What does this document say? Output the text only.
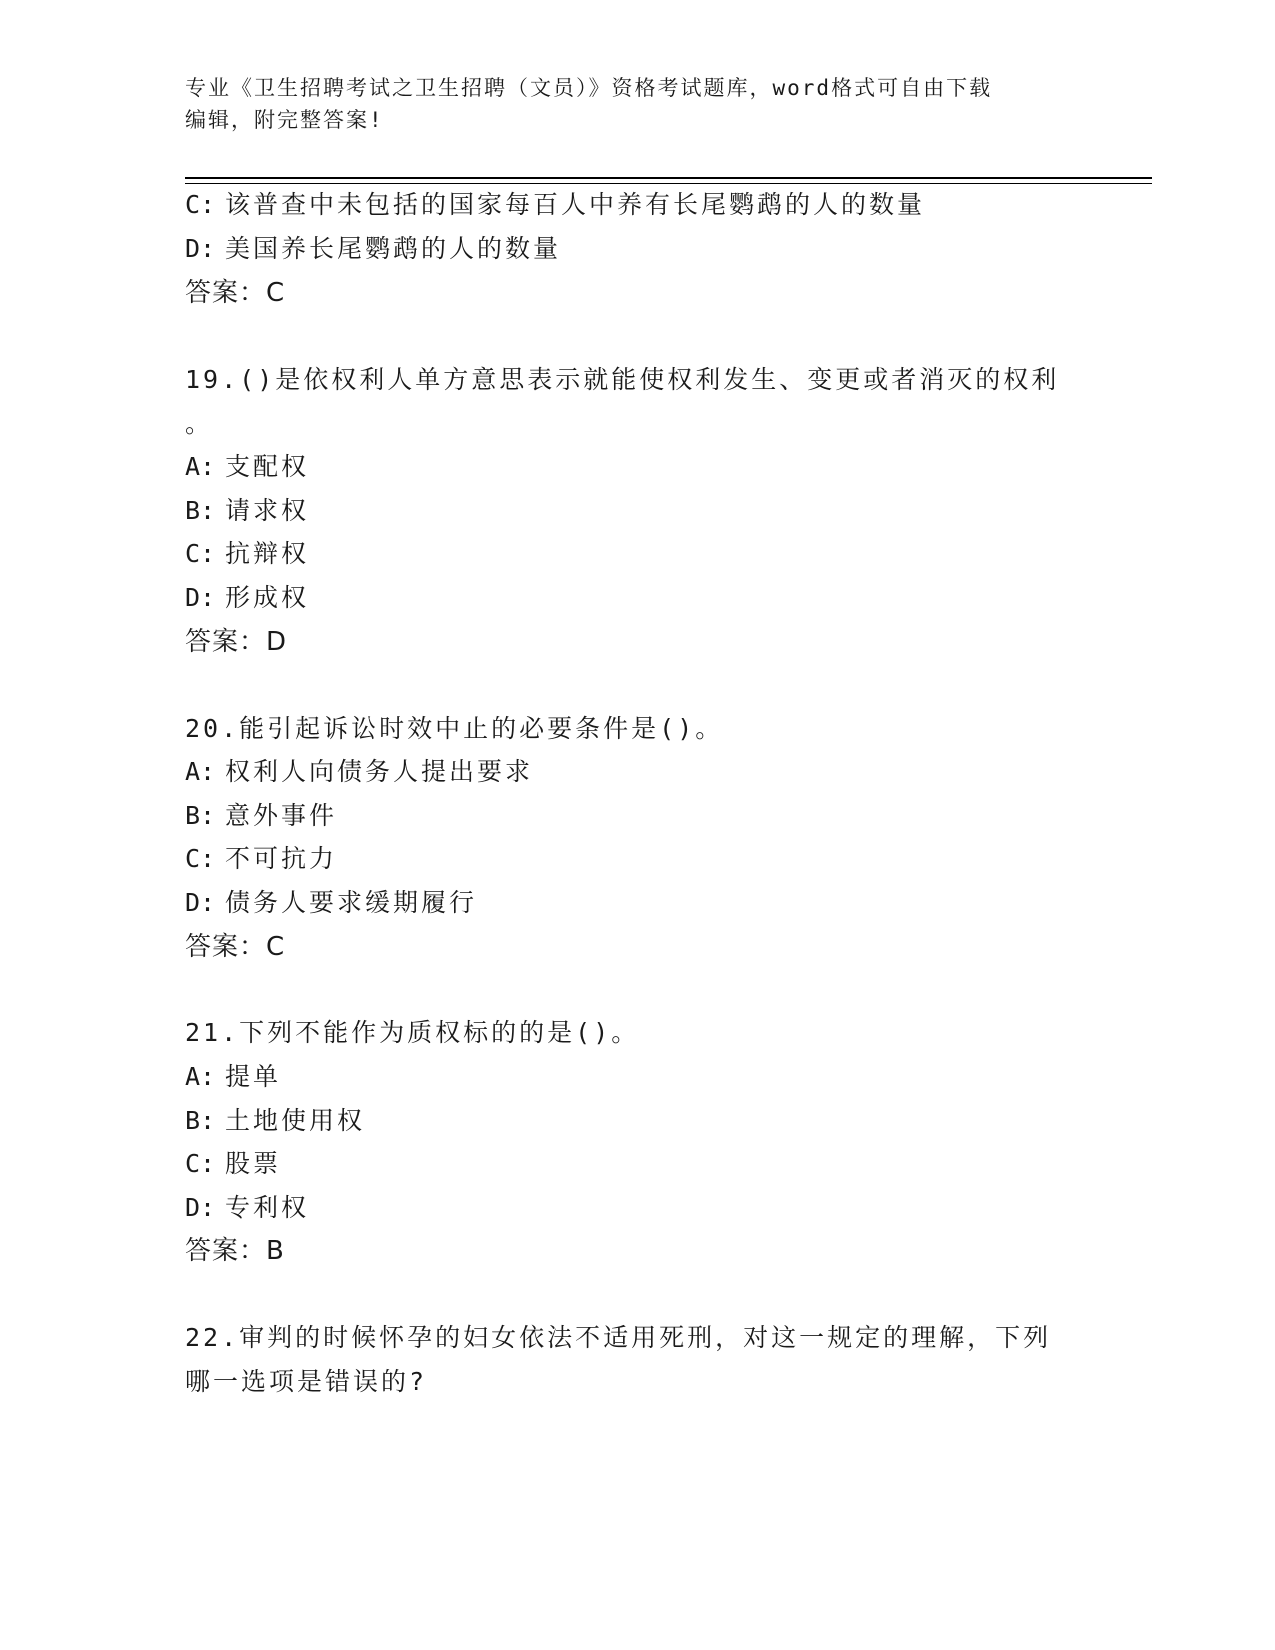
专业《卫生招聘考试之卫生招聘（文员）》资格考试题库，word格式可自由下载
编辑，附完整答案!
C: 该普查中未包括的国家每百人中养有长尾鹦鹉的人的数量
D: 美国养长尾鹦鹉的人的数量
答案：C
19.()是依权利人单方意思表示就能使权利发生、变更或者消灭的权利
。
A: 支配权
B: 请求权
C: 抗辩权
D: 形成权
答案：D
20.能引起诉讼时效中止的必要条件是()。
A: 权利人向债务人提出要求
B: 意外事件
C: 不可抗力
D: 债务人要求缓期履行
答案：C
21.下列不能作为质权标的的是()。
A: 提单
B: 土地使用权
C: 股票
D: 专利权
答案：B
22.审判的时候怀孕的妇女依法不适用死刑，对这一规定的理解，下列
哪一选项是错误的?
